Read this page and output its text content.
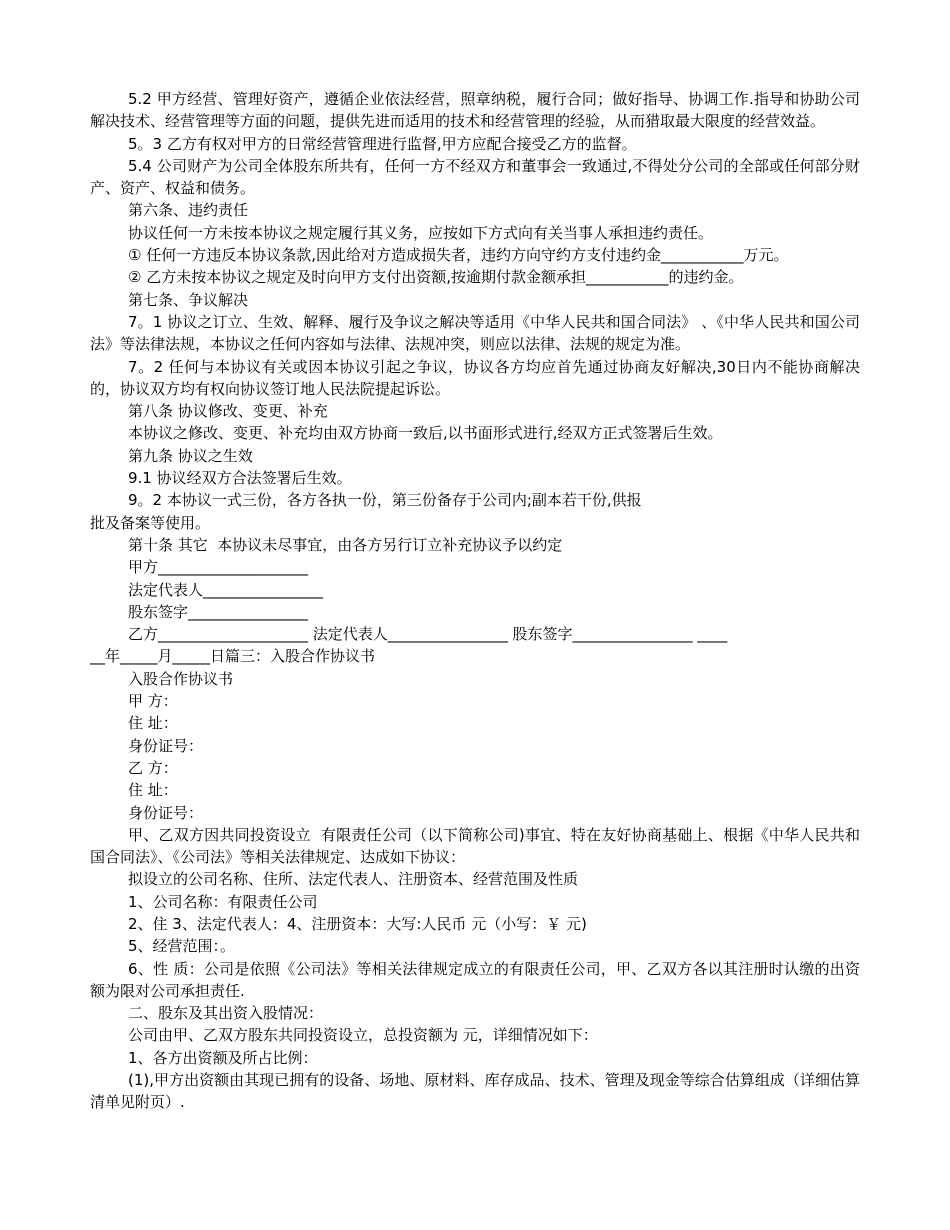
5.2 甲方经营、管理好资产，遵循企业依法经营，照章纳税，履行合同；做好指导、协调工作.指导和协助公司解决技术、经营管理等方面的问题，提供先进而适用的技术和经营管理的经验，从而猎取最大限度的经营效益。

5。3 乙方有权对甲方的日常经营管理进行监督,甲方应配合接受乙方的监督。

5.4 公司财产为公司全体股东所共有，任何一方不经双方和董事会一致通过,不得处分公司的全部或任何部分财产、资产、权益和债务。

第六条、违约责任

协议任何一方未按本协议之规定履行其义务，应按如下方式向有关当事人承担违约责任。

① 任何一方违反本协议条款,因此给对方造成损失者，违约方向守约方支付违约金___________万元。

② 乙方未按本协议之规定及时向甲方支付出资额,按逾期付款金额承担___________的违约金。

第七条、争议解决

7。1 协议之订立、生效、解释、履行及争议之解决等适用《中华人民共和国合同法》 、《中华人民共和国公司法》等法律法规，本协议之任何内容如与法律、法规冲突，则应以法律、法规的规定为准。

7。2 任何与本协议有关或因本协议引起之争议，协议各方均应首先通过协商友好解决,30日内不能协商解决的，协议双方均有权向协议签订地人民法院提起诉讼。

第八条 协议修改、变更、补充

本协议之修改、变更、补充均由双方协商一致后,以书面形式进行,经双方正式签署后生效。

第九条 协议之生效

9.1 协议经双方合法签署后生效。

9。2 本协议一式三份，各方各执一份，第三份备存于公司内;副本若干份,供报

批及备案等使用。

第十条 其它  本协议未尽事宜，由各方另行订立补充协议予以约定

甲方____________________

法定代表人________________

股东签字________________

乙方____________________ 法定代表人________________ 股东签字________________ ____

__年_____月_____日篇三：入股合作协议书

入股合作协议书

甲 方：

住 址：

身份证号：

乙 方：

住 址：

身份证号：

甲、乙双方因共同投资设立  有限责任公司（以下简称公司)事宜、特在友好协商基础上、根据《中华人民共和国合同法》、《公司法》等相关法律规定、达成如下协议：

拟设立的公司名称、住所、法定代表人、注册资本、经营范围及性质

1、公司名称：有限责任公司

2、住 3、法定代表人：4、注册资本：大写:人民币 元（小写：￥ 元)

5、经营范围：。

6、性 质：公司是依照《公司法》等相关法律规定成立的有限责任公司，甲、乙双方各以其注册时认缴的出资额为限对公司承担责任.

二、股东及其出资入股情况：

公司由甲、乙双方股东共同投资设立，总投资额为 元，详细情况如下：

1、各方出资额及所占比例：

(1),甲方出资额由其现已拥有的设备、场地、原材料、库存成品、技术、管理及现金等综合估算组成（详细估算清单见附页）.
